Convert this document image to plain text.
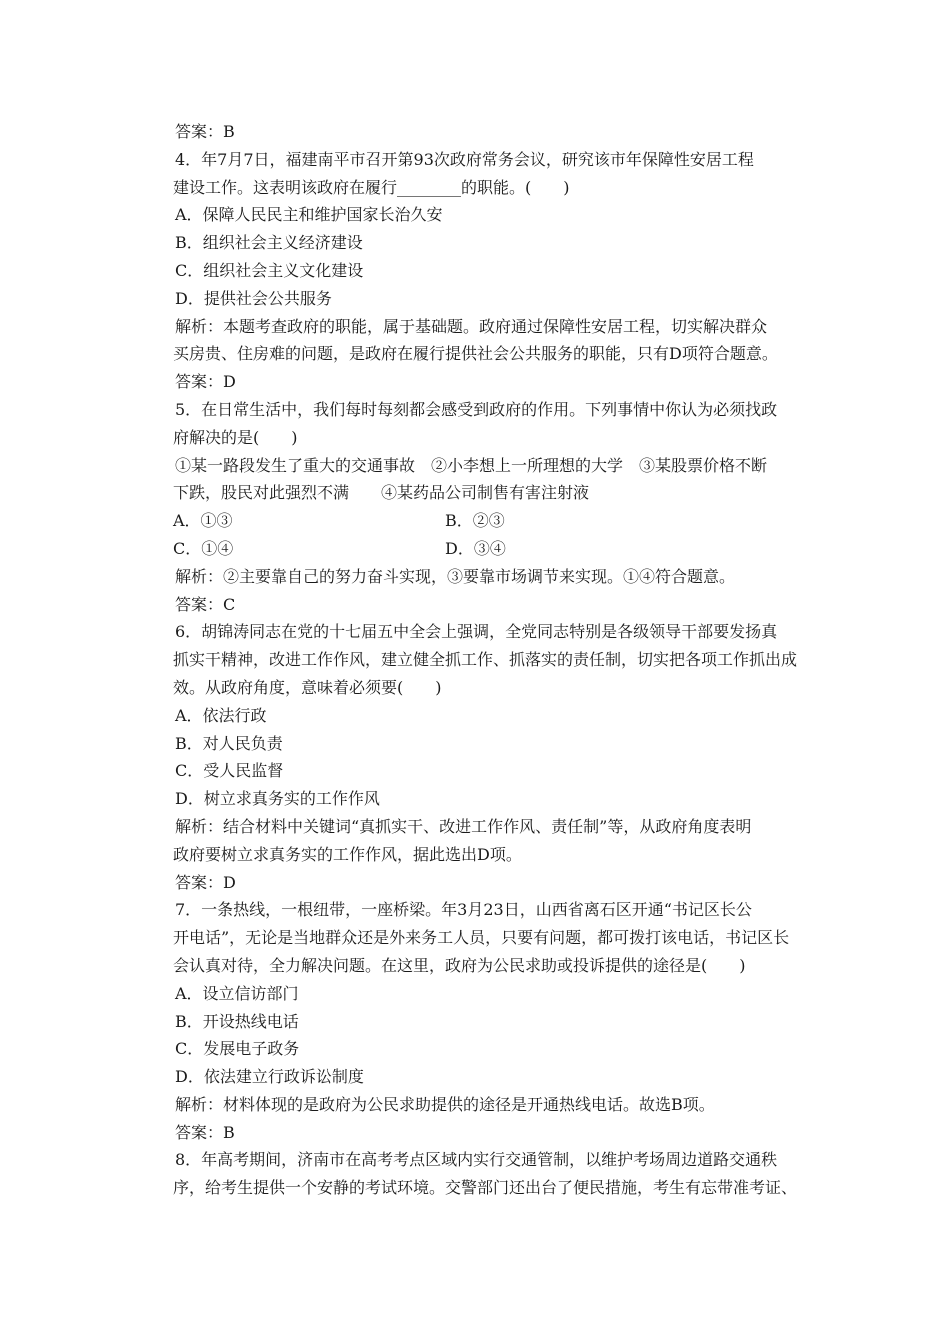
答案：B
4．年7月7日，福建南平市召开第93次政府常务会议，研究该市年保障性安居工程
建设工作。这表明该政府在履行________的职能。(　　)
A．保障人民民主和维护国家长治久安
B．组织社会主义经济建设
C．组织社会主义文化建设
D．提供社会公共服务
解析：本题考查政府的职能，属于基础题。政府通过保障性安居工程，切实解决群众
买房贵、住房难的问题，是政府在履行提供社会公共服务的职能，只有D项符合题意。
答案：D
5．在日常生活中，我们每时每刻都会感受到政府的作用。下列事情中你认为必须找政
府解决的是(　　)
①某一路段发生了重大的交通事故　②小李想上一所理想的大学　③某股票价格不断
下跌，股民对此强烈不满　　④某药品公司制售有害注射液
A．①③	B．②③
C．①④	D．③④
解析：②主要靠自己的努力奋斗实现，③要靠市场调节来实现。①④符合题意。
答案：C
6．胡锦涛同志在党的十七届五中全会上强调，全党同志特别是各级领导干部要发扬真
抓实干精神，改进工作作风，建立健全抓工作、抓落实的责任制，切实把各项工作抓出成
效。从政府角度，意味着必须要(　　)
A．依法行政
B．对人民负责
C．受人民监督
D．树立求真务实的工作作风
解析：结合材料中关键词“真抓实干、改进工作作风、责任制”等，从政府角度表明
政府要树立求真务实的工作作风，据此选出D项。
答案：D
7．一条热线，一根纽带，一座桥梁。年3月23日，山西省离石区开通“书记区长公
开电话”，无论是当地群众还是外来务工人员，只要有问题，都可拨打该电话，书记区长
会认真对待，全力解决问题。在这里，政府为公民求助或投诉提供的途径是(　　)
A．设立信访部门
B．开设热线电话
C．发展电子政务
D．依法建立行政诉讼制度
解析：材料体现的是政府为公民求助提供的途径是开通热线电话。故选B项。
答案：B
8．年高考期间，济南市在高考考点区域内实行交通管制，以维护考场周边道路交通秩
序，给考生提供一个安静的考试环境。交警部门还出台了便民措施，考生有忘带准考证、
